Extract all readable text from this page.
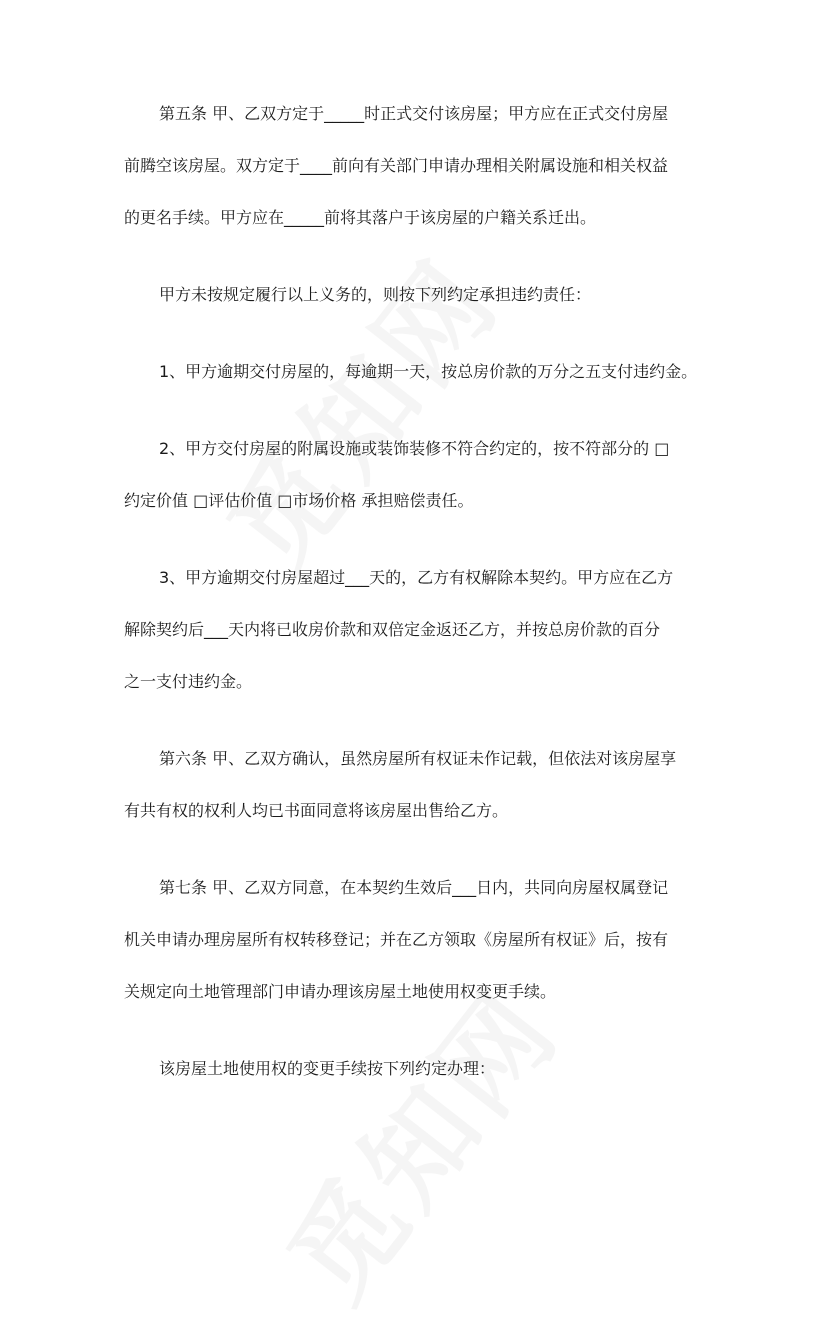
第五条 甲、乙双方定于_____时正式交付该房屋；甲方应在正式交付房屋
前腾空该房屋。双方定于____前向有关部门申请办理相关附属设施和相关权益
的更名手续。甲方应在_____前将其落户于该房屋的户籍关系迁出。

甲方未按规定履行以上义务的，则按下列约定承担违约责任：

1、甲方逾期交付房屋的，每逾期一天，按总房价款的万分之五支付违约金。

2、甲方交付房屋的附属设施或装饰装修不符合约定的，按不符部分的 □
约定价值 □评估价值 □市场价格 承担赔偿责任。

3、甲方逾期交付房屋超过___天的，乙方有权解除本契约。甲方应在乙方
解除契约后___天内将已收房价款和双倍定金返还乙方，并按总房价款的百分
之一支付违约金。

第六条 甲、乙双方确认，虽然房屋所有权证未作记载，但依法对该房屋享
有共有权的权利人均已书面同意将该房屋出售给乙方。

第七条 甲、乙双方同意，在本契约生效后___日内，共同向房屋权属登记
机关申请办理房屋所有权转移登记；并在乙方领取《房屋所有权证》后，按有
关规定向土地管理部门申请办理该房屋土地使用权变更手续。

该房屋土地使用权的变更手续按下列约定办理：
